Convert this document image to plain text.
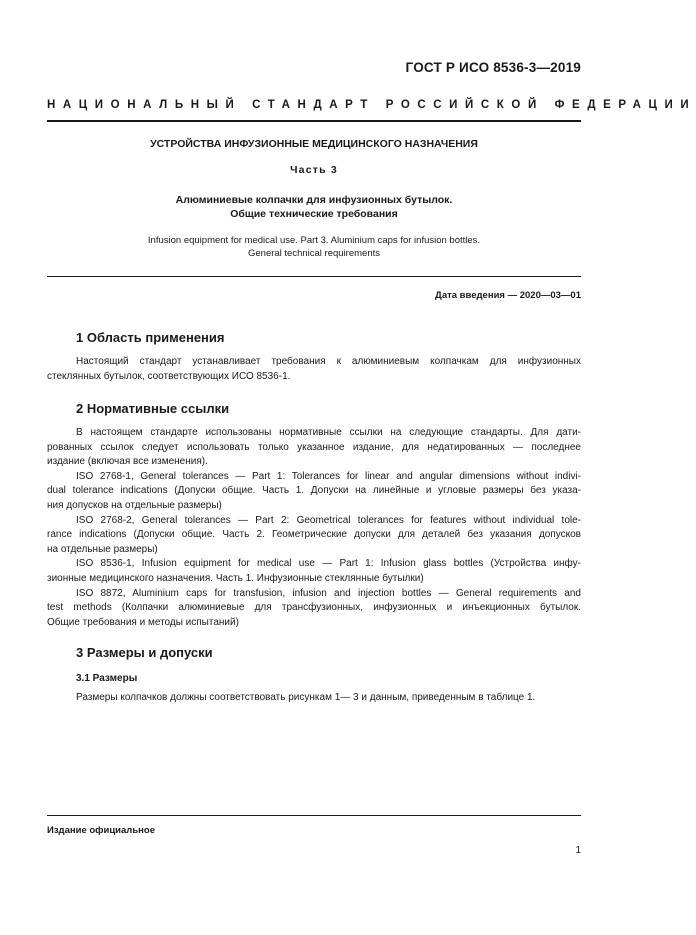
ГОСТ Р ИСО 8536-3—2019
НАЦИОНАЛЬНЫЙ СТАНДАРТ РОССИЙСКОЙ ФЕДЕРАЦИИ
УСТРОЙСТВА ИНФУЗИОННЫЕ МЕДИЦИНСКОГО НАЗНАЧЕНИЯ
Часть 3
Алюминиевые колпачки для инфузионных бутылок.
Общие технические требования
Infusion equipment for medical use. Part 3. Aluminium caps for infusion bottles.
General technical requirements
Дата введения — 2020—03—01
1 Область применения
Настоящий стандарт устанавливает требования к алюминиевым колпачкам для инфузионных
стеклянных бутылок, соответствующих ИСО 8536-1.
2 Нормативные ссылки
В настоящем стандарте использованы нормативные ссылки на следующие стандарты. Для дати-
рованных ссылок следует использовать только указанное издание, для недатированных — последнее
издание (включая все изменения).
ISO 2768-1, General tolerances — Part 1: Tolerances for linear and angular dimensions without indivi-
dual tolerance indications (Допуски общие. Часть 1. Допуски на линейные и угловые размеры без указа-
ния допусков на отдельные размеры)
ISO 2768-2, General tolerances — Part 2: Geometrical tolerances for features without individual tole-
rance indications (Допуски общие. Часть 2. Геометрические допуски для деталей без указания допусков
на отдельные размеры)
ISO 8536-1, Infusion equipment for medical use — Part 1: Infusion glass bottles (Устройства инфу-
зионные медицинского назначения. Часть 1. Инфузионные стеклянные бутылки)
ISO 8872, Aluminium caps for transfusion, infusion and injection bottles — General requirements and
test methods (Колпачки алюминиевые для трансфузионных, инфузионных и инъекционных бутылок.
Общие требования и методы испытаний)
3 Размеры и допуски
3.1 Размеры
Размеры колпачков должны соответствовать рисункам 1— 3 и данным, приведенным в таблице 1.
Издание официальное
1
